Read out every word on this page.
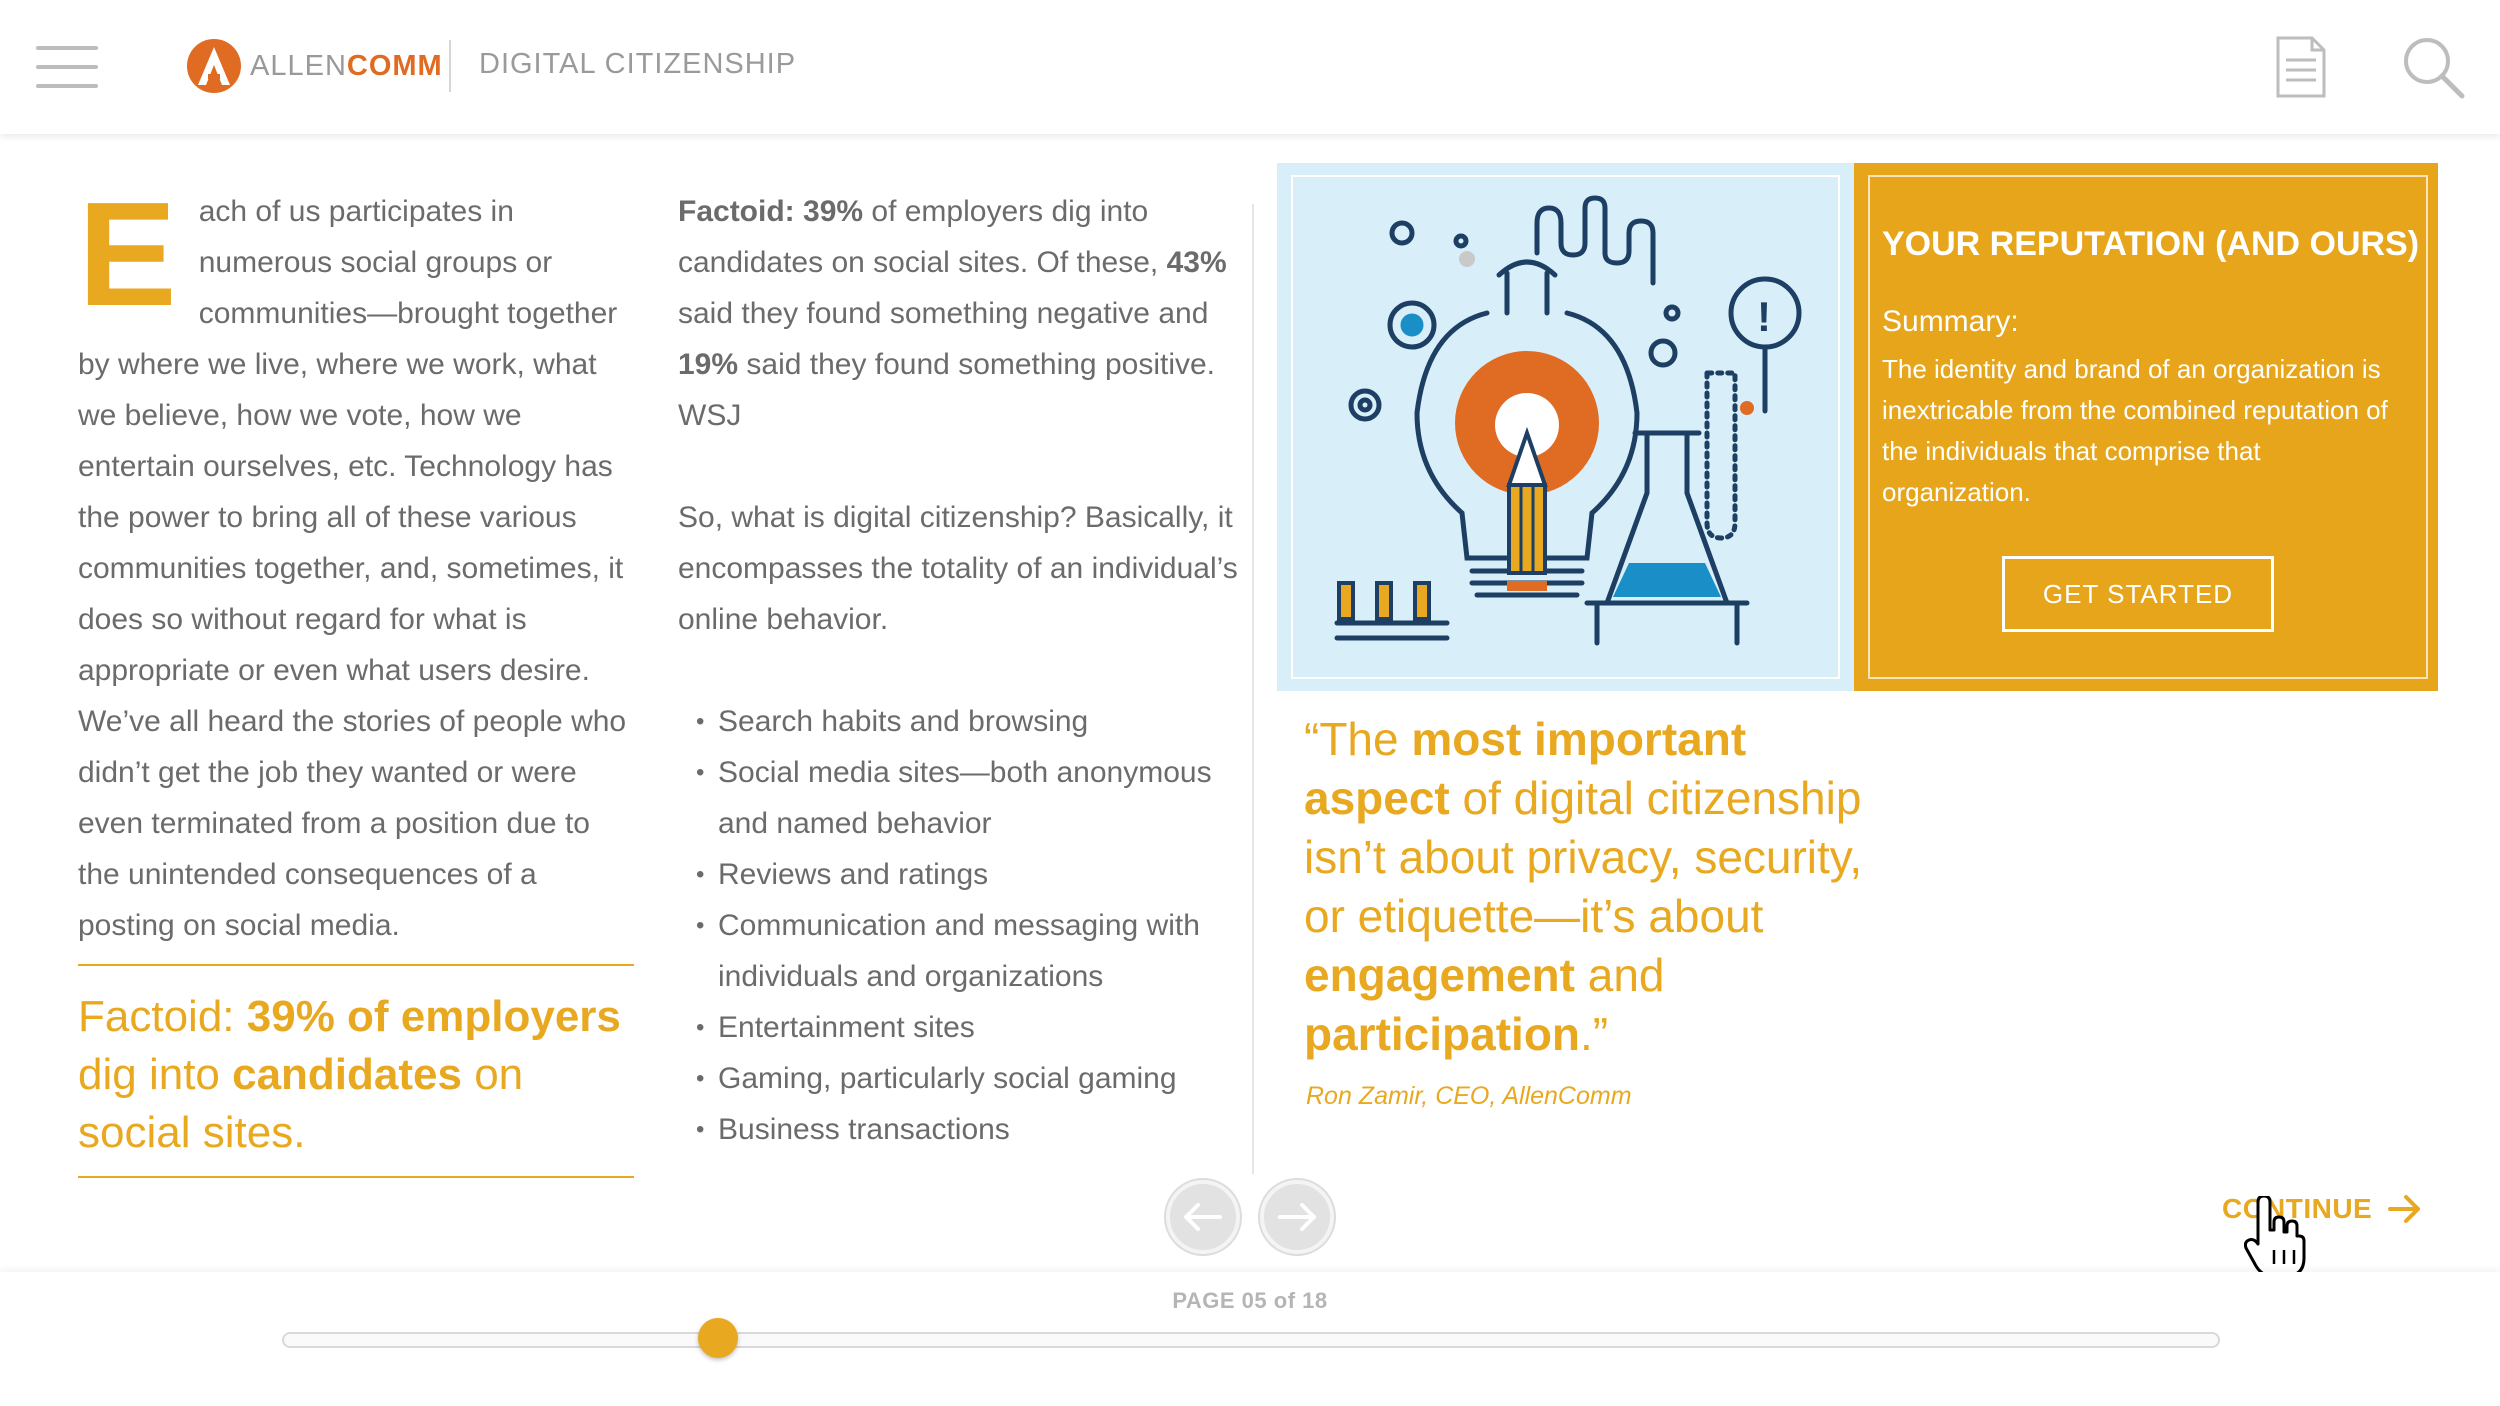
ALLENCOMM DIGITAL CITIZENSHIP
E ach of us participates in numerous social groups or communities—brought together by where we live, where we work, what we believe, how we vote, how we entertain ourselves, etc. Technology has the power to bring all of these various communities together, and, sometimes, it does so without regard for what is appropriate or even what users desire. We’ve all heard the stories of people who didn’t get the job they wanted or were even terminated from a position due to the unintended consequences of a posting on social media.

Factoid: 39% of employers dig into candidates on social sites.

Factoid: 39% of employers dig into candidates on social sites. Of these, 43% said they found something negative and 19% said they found something positive. WSJ

So, what is digital citizenship? Basically, it encompasses the totality of an individual’s online behavior.

• Search habits and browsing
• Social media sites—both anonymous and named behavior
• Reviews and ratings
• Communication and messaging with individuals and organizations
• Entertainment sites
• Gaming, particularly social gaming
• Business transactions
!
YOUR REPUTATION (AND OURS)
Summary:
The identity and brand of an organization is inextricable from the combined reputation of the individuals that comprise that organization.
GET STARTED

“The most important aspect of digital citizenship isn’t about privacy, security, or etiquette—it’s about engagement and participation.”

Ron Zamir, CEO, AllenComm
CONTINUE
PAGE 05 of 18
